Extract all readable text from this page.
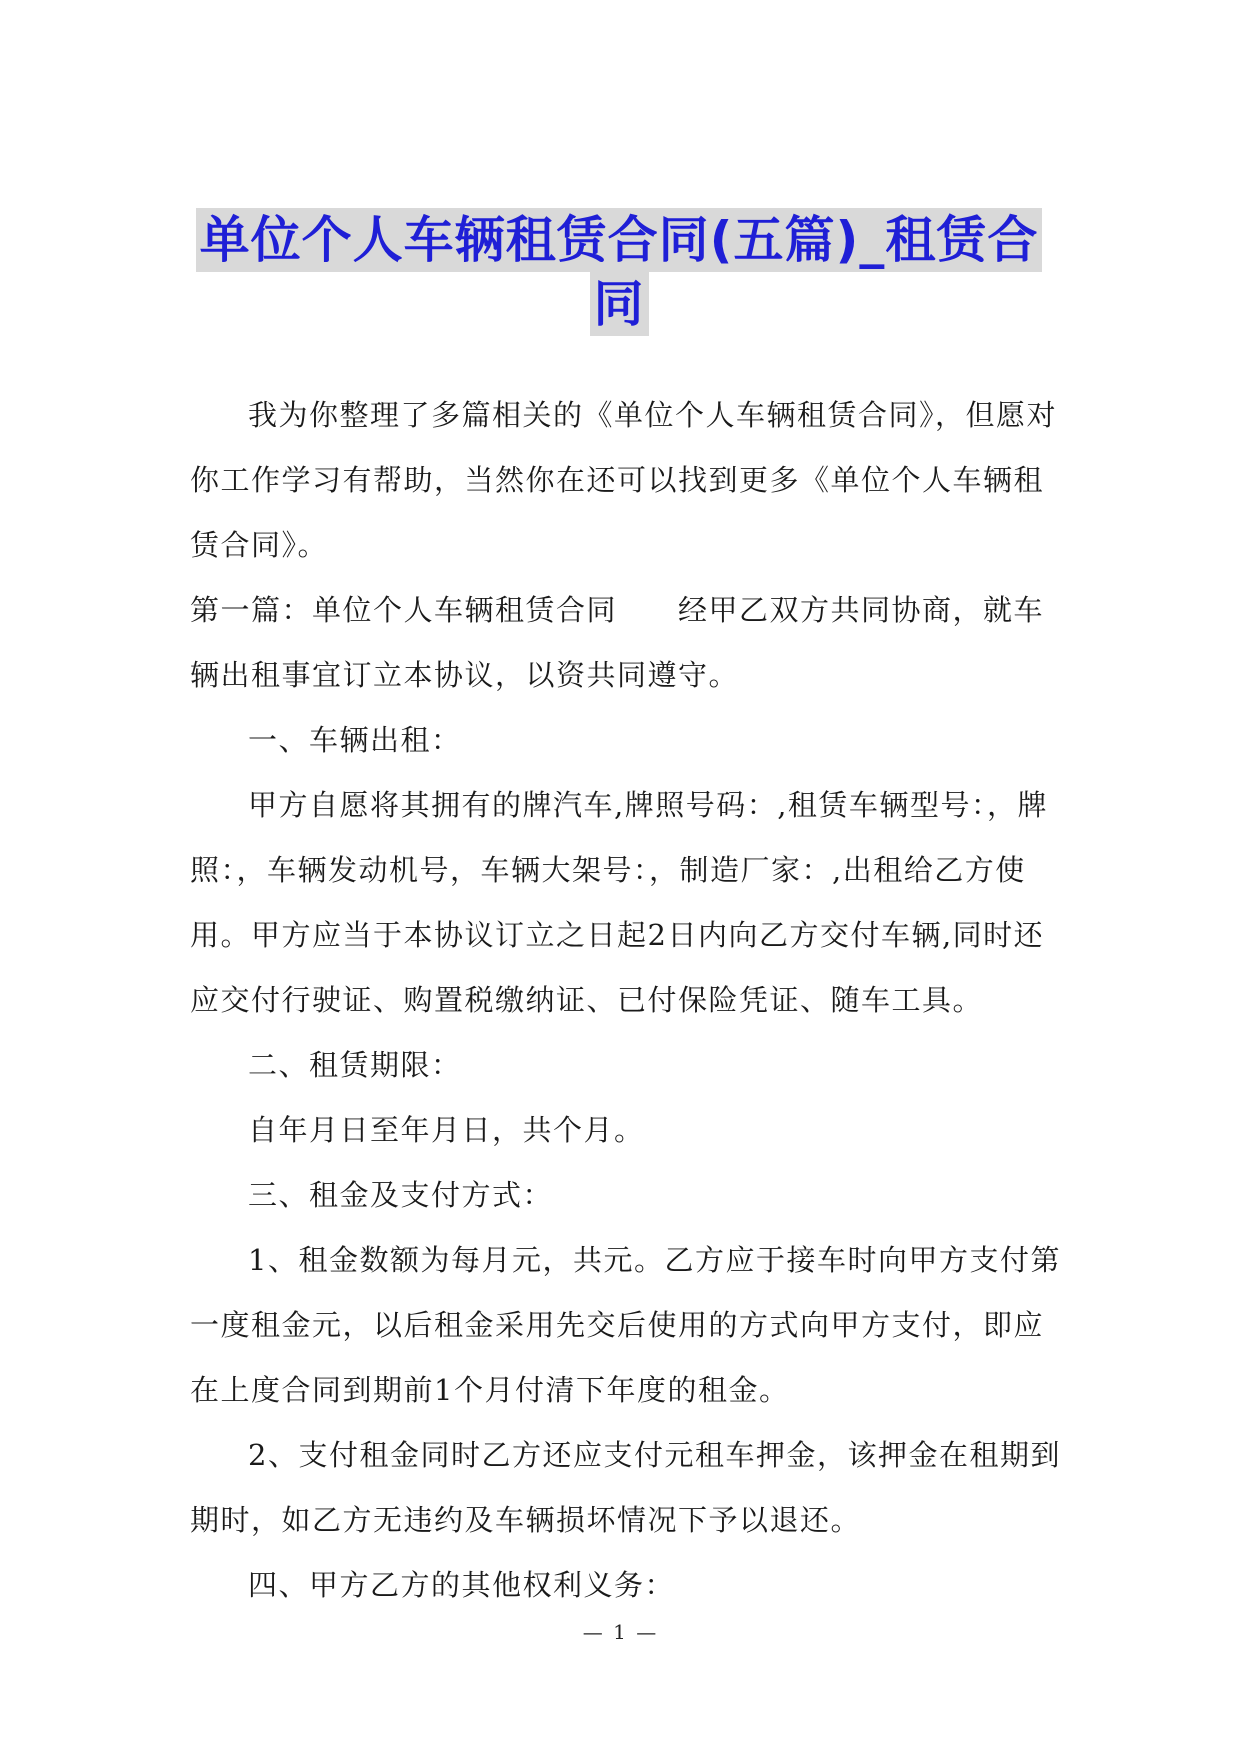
单位个人车辆租赁合同(五篇)_租赁合
同

我为你整理了多篇相关的《单位个人车辆租赁合同》，但愿对你工作学习有帮助，当然你在还可以找到更多《单位个人车辆租赁合同》。

第一篇：单位个人车辆租赁合同　　经甲乙双方共同协商，就车辆出租事宜订立本协议，以资共同遵守。

一、车辆出租：

甲方自愿将其拥有的牌汽车,牌照号码：,租赁车辆型号：，牌照：，车辆发动机号，车辆大架号：，制造厂家：,出租给乙方使用。甲方应当于本协议订立之日起2日内向乙方交付车辆,同时还应交付行驶证、购置税缴纳证、已付保险凭证、随车工具。

二、租赁期限：

自年月日至年月日，共个月。

三、租金及支付方式：

1、租金数额为每月元，共元。乙方应于接车时向甲方支付第一度租金元，以后租金采用先交后使用的方式向甲方支付，即应在上度合同到期前1个月付清下年度的租金。

2、支付租金同时乙方还应支付元租车押金，该押金在租期到期时，如乙方无违约及车辆损坏情况下予以退还。

四、甲方乙方的其他权利义务：

— 1 —
